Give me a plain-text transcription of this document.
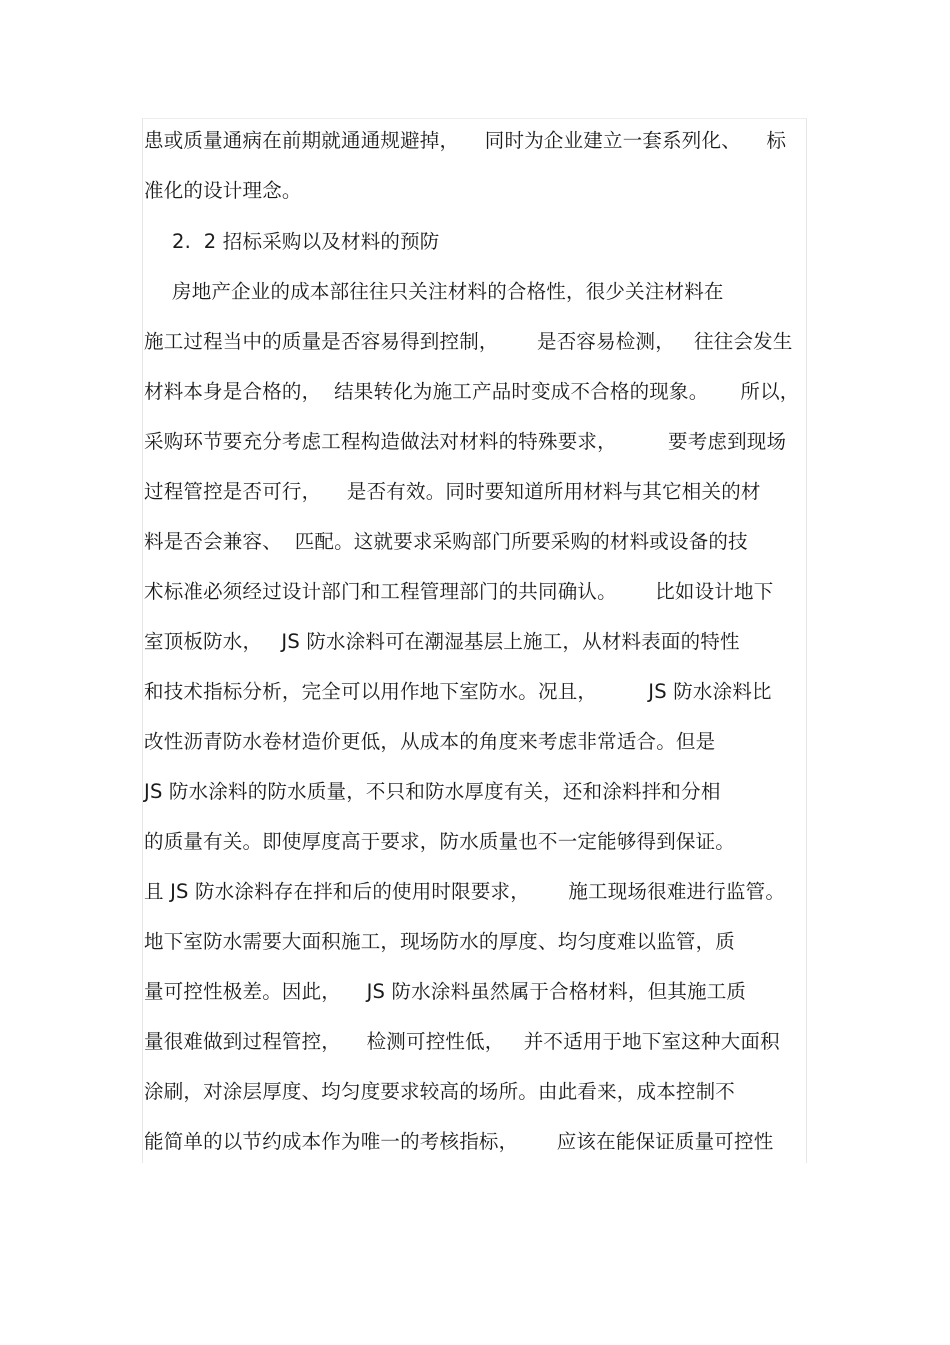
患或质量通病在前期就通通规避掉，    同时为企业建立一套系列化、    标
准化的设计理念。
2.  2 招标采购以及材料的预防
房地产企业的成本部往往只关注材料的合格性，很少关注材料在
施工过程当中的质量是否容易得到控制，      是否容易检测，   往往会发生
材料本身是合格的，  结果转化为施工产品时变成不合格的现象。     所以，
采购环节要充分考虑工程构造做法对材料的特殊要求，        要考虑到现场
过程管控是否可行，    是否有效。同时要知道所用材料与其它相关的材
料是否会兼容、  匹配。这就要求采购部门所要采购的材料或设备的技
术标准必须经过设计部门和工程管理部门的共同确认。      比如设计地下
室顶板防水，   JS 防水涂料可在潮湿基层上施工，从材料表面的特性
和技术指标分析，完全可以用作地下室防水。况且，        JS 防水涂料比
改性沥青防水卷材造价更低，从成本的角度来考虑非常适合。但是
JS 防水涂料的防水质量，不只和防水厚度有关，还和涂料拌和分相
的质量有关。即使厚度高于要求，防水质量也不一定能够得到保证。
且 JS 防水涂料存在拌和后的使用时限要求，      施工现场很难进行监管。
地下室防水需要大面积施工，现场防水的厚度、均匀度难以监管，质
量可控性极差。因此，    JS 防水涂料虽然属于合格材料，但其施工质
量很难做到过程管控，    检测可控性低，   并不适用于地下室这种大面积
涂刷，对涂层厚度、均匀度要求较高的场所。由此看来，成本控制不
能简单的以节约成本作为唯一的考核指标，      应该在能保证质量可控性
